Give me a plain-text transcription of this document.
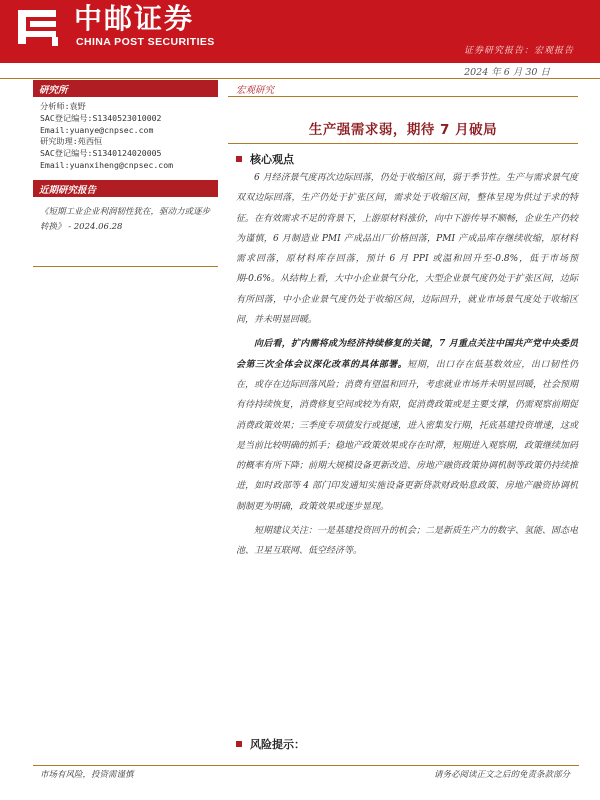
中邮证券
CHINA POST SECURITIES
证券研究报告：宏观报告
2024 年 6 月 30 日
研究所
分析师:袁野
SAC登记编号:S1340523010002
Email:yuanye@cnpsec.com
研究助理:苑西恒
SAC登记编号:S1340124020005
Email:yuanxiheng@cnpsec.com
近期研究报告
《短期工业企业利润韧性犹在，驱动力或逐步转换》 - 2024.06.28
宏观研究
生产强需求弱，期待 7 月破局
核心观点

6 月经济景气度再次边际回落，仍处于收缩区间，弱于季节性。生产与需求景气度双双边际回落，生产仍处于扩张区间，需求处于收缩区间，整体呈现为供过于求的特征。在有效需求不足的背景下，上游原材料涨价，向中下游传导不顺畅，企业生产仍较为谨慎，6 月制造业 PMI 产成品出厂价格回落，PMI 产成品库存继续收缩，原材料需求回落，原材料库存回落，预计 6 月 PPI 或温和回升至-0.8%，低于市场预期-0.6%。从结构上看，大中小企业景气分化，大型企业景气度仍处于扩张区间，边际有所回落，中小企业景气度仍处于收缩区间，边际回升，就业市场景气度处于收缩区间，并未明显回暖。

向后看，扩内需将成为经济持续修复的关键，7 月重点关注中国共产党中央委员会第三次全体会议深化改革的具体部署。短期，出口存在低基数效应，出口韧性仍在，或存在边际回落风险；消费有望温和回升，考虑就业市场并未明显回暖，社会预期有待持续恢复，消费修复空间或较为有限，促消费政策或是主要支撑，仍需观察前期促消费政策效果；三季度专项债发行或提速，进入密集发行期，托底基建投资增速，这或是当前比较明确的抓手；稳地产政策效果或存在时滞，短期进入观察期，政策继续加码的概率有所下降；前期大规模设备更新改造、房地产融资政策协调机制等政策仍持续推进，如时政部等 4 部门印发通知实施设备更新贷款财政贴息政策、房地产融资协调机制制更为明确，政策效果或逐步显现。

短期建议关注：一是基建投资回升的机会；二是新质生产力的数字、氢能、固态电池、卫星互联网、低空经济等。

风险提示：
市场有风险，投资需谨慎	请务必阅读正文之后的免责条款部分
